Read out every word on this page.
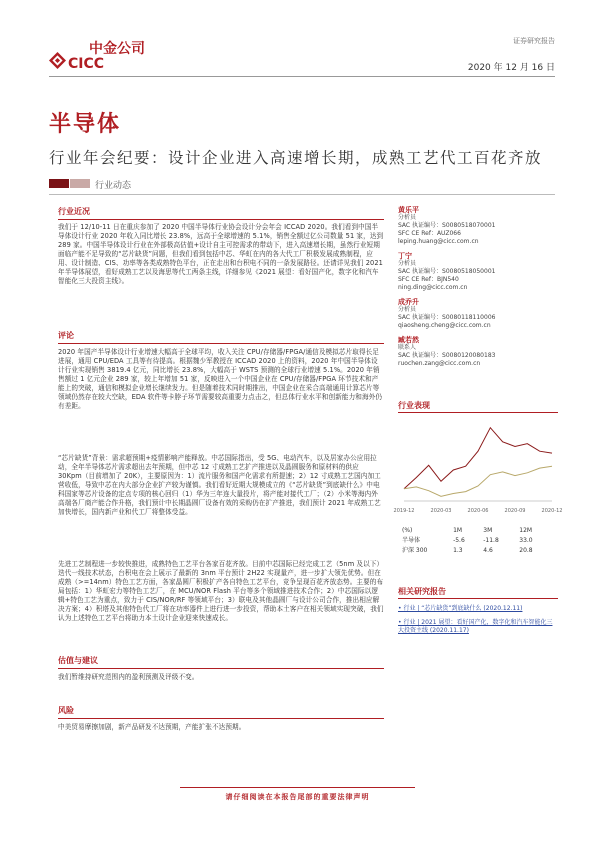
CICC
中金公司	证券研究报告
2020 年 12 月 16 日
半导体
行业年会纪要：设计企业进入高速增长期，成熟工艺代工百花齐放
行业动态
行业近况
我们于 12/10-11 日在重庆参加了 2020 中国半导体行业协会设计分会年会 ICCAD 2020。我们看到中国半导体设计行业 2020 年收入同比增长 23.8%，远高于全球增速的 5.1%，销售全额过亿公司数量 51 家，达到 289 家。中国半导体设计行业在外部极高估值+设计自主可控需求的带动下，进入高速增长期，虽然行业短期面临产能不足导致的“芯片缺货”问题，但我们看到包括中芯、华虹在内的各大代工厂积极发展成熟制程，应用、设计制造、CIS、功率等各类成熟特色平台，正在走出和台积电不同的一条发展路径。还请详见我们 2021 年半导体展望，看好成熟工艺以及海思等代工两条主线，详细参见《2021 展望：看好国产化，数字化和汽车智能化三大投资主线》。
评论
2020 年国产半导体设计行业增速大幅高于全球平均，收入关注 CPU/存储器/FPGA/通信及模拟芯片取得长足进展，通用 CPU/EDA 工具等有待提高。根据魏少军教授在 ICCAD 2020 上的资料，2020 年中国半导体设计行业实现销售 3819.4 亿元，同比增长 23.8%，大幅高于 WSTS 预测的全球行业增速 5.1%。2020 年销售额过 1 亿元企业 289 家，较上年增加 51 家，反映进入一个中国企业在 CPU/存储器/FPGA 环节技术和产能上的突破，通信和模拟企业增长继续发力。但是随着技术同时期推出，中国企业在采合高端通用计算芯片等领域仍然存在较大空缺，EDA 软件等卡脖子环节需要较高重要力点击之，但总体行业水平和创新能力和海外仍有差距。
“芯片缺货”背景：需求超预期+疫情影响产能释放。中芯国际指出，受 5G、电动汽车，以及居家办公应用拉动，全年半导体芯片需求超出去年预期，但中芯 12 寸成熟工艺扩产推进以及晶圆服务和原材料的供应 30Kpm（目前增加了 20K），主要原因为：1）流片服务和国产化需求有所提速；2）12 寸成熟工艺国内加工营收低，导致中芯在内大部分企业扩产较为谨慎。我们看好近期大规模成立的《“芯片缺货”到底缺什么》中电科国家等芯片设备的定点专项的核心回归（1）华为三年连大量投片，将产能对接代工厂；（2）小米等海内外高端各厂商产能合作升格，我们预计中长期晶圆厂设备有效的采购仍在扩产推进，我们预计 2021 年成熟工艺加快增长，国内新产业和代工厂将整体受益。
先进工艺制程进一步较快推进，成熟特色工艺平台各家百花齐放。目前中芯国际已经完成工艺（5nm 及以下）迭代一线技术状态，台积电在会上展示了最新的 3nm 平台预计 2H22 实现量产，进一步扩大领先优势。但在成熟（>=14nm）特色工艺方面，各家晶圆厂积极扩产各自特色工艺平台，竞争呈现百花齐放态势。主要的布局包括：1）华虹宏力等特色工艺厂，在 MCU/NOR Flash 平台等多个领域推进技术合作；2）中芯国际以逻辑+特色工艺为重点，致力于 CIS/NOR/RF 等领域平台；3）联电及其他晶圆厂与设计公司合作，推出相应解决方案；4）积塔及其他特色代工厂将在功率器件上进行进一步投资，帮助本土客户在相关领域实现突破，我们认为上述特色工艺平台将助力本土设计企业迎来快速成长。
估值与建议
我们暂维持研究范围内的盈利预测及评级不变。
风险
中美贸易摩擦加剧，新产品研发不达预期，产能扩张不达预期。
黄乐平
分析员
SAC 执证编号：S0080518070001
SFC CE Ref：AUZ066
leping.huang@cicc.com.cn
丁宁
分析员
SAC 执证编号：S0080518050001
SFC CE Ref：BJN540
ning.ding@cicc.com.cn
成乔升
分析员
SAC 执证编号：S0080118110006
qiaosheng.cheng@cicc.com.cn
臧若然
联系人
SAC 执证编号：S0080120080183
ruochen.zang@cicc.com.cn
行业表现
2019-12	2020-03	2020-06	2020-09	2020-12
(%)	1M	3M	12M
半导体	-5.6	-11.8	33.0
沪深 300	1.3	4.6	20.8
相关研究报告
• 行业 | “芯片缺货”到底缺什么 (2020.12.11)
• 行业 | 2021 展望：看好国产化，数字化和汽车智能化三大投资主线 (2020.11.17)
请仔细阅读在本报告尾部的重要法律声明
